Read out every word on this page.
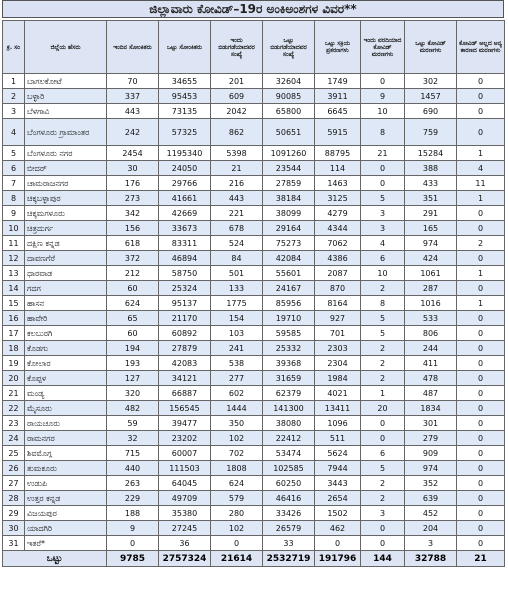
ಜಿಲ್ಲಾವಾರು ಕೋವಿಡ್–19ರ ಅಂಕಿಅಂಶಗಳ ವಿವರ**
ಕ್ರ. ಸಂ	ಜಿಲ್ಲೆಯ ಹೆಸರು	ಇಂದಿನ ಸೋಂಕಿತರು	ಒಟ್ಟು ಸೋಂಕಿತರು	ಇಂದು ಬಿಡುಗಡೆಯಾದವರ ಸಂಖ್ಯೆ	ಒಟ್ಟು ಬಿಡುಗಡೆಯಾದವರ ಸಂಖ್ಯೆ	ಒಟ್ಟು ಸಕ್ರಿಯ ಪ್ರಕರಣಗಳು	ಇಂದು ವರದಿಯಾದ ಕೋವಿಡ್ ಮರಣಗಳು	ಒಟ್ಟು ಕೋವಿಡ್ ಮರಣಗಳು	ಕೋವಿಡ್ ಅಲ್ಲದ ಅನ್ಯ ಕಾರಣದ ಮರಣಗಳು
1	ಬಾಗಲಕೋಟೆ	70	34655	201	32604	1749	0	302	0
2	ಬಳ್ಳಾರಿ	337	95453	609	90085	3911	9	1457	0
3	ಬೆಳಗಾವಿ	443	73135	2042	65800	6645	10	690	0
4	ಬೆಂಗಳೂರು ಗ್ರಾಮಾಂತರ	242	57325	862	50651	5915	8	759	0
5	ಬೆಂಗಳೂರು ನಗರ	2454	1195340	5398	1091260	88795	21	15284	1
6	ಬೀದರ್	30	24050	21	23544	114	0	388	4
7	ಚಾಮರಾಜನಗರ	176	29766	216	27859	1463	0	433	11
8	ಚಿಕ್ಕಬಳ್ಳಾಪುರ	273	41661	443	38184	3125	5	351	1
9	ಚಿಕ್ಕಮಗಳೂರು	342	42669	221	38099	4279	3	291	0
10	ಚಿತ್ರದುರ್ಗ	156	33673	678	29164	4344	3	165	0
11	ದಕ್ಷಿಣ ಕನ್ನಡ	618	83311	524	75273	7062	4	974	2
12	ದಾವಣಗೆರೆ	372	46894	84	42084	4386	6	424	0
13	ಧಾರವಾಡ	212	58750	501	55601	2087	10	1061	1
14	ಗದಗ	60	25324	133	24167	870	2	287	0
15	ಹಾಸನ	624	95137	1775	85956	8164	8	1016	1
16	ಹಾವೇರಿ	65	21170	154	19710	927	5	533	0
17	ಕಲಬುರಗಿ	60	60892	103	59585	701	5	806	0
18	ಕೊಡಗು	194	27879	241	25332	2303	2	244	0
19	ಕೋಲಾರ	193	42083	538	39368	2304	2	411	0
20	ಕೊಪ್ಪಳ	127	34121	277	31659	1984	2	478	0
21	ಮಂಡ್ಯ	320	66887	602	62379	4021	1	487	0
22	ಮೈಸೂರು	482	156545	1444	141300	13411	20	1834	0
23	ರಾಯಚೂರು	59	39477	350	38080	1096	0	301	0
24	ರಾಮನಗರ	32	23202	102	22412	511	0	279	0
25	ಶಿವಮೊಗ್ಗ	715	60007	702	53474	5624	6	909	0
26	ತುಮಕೂರು	440	111503	1808	102585	7944	5	974	0
27	ಉಡುಪಿ	263	64045	624	60250	3443	2	352	0
28	ಉತ್ತರ ಕನ್ನಡ	229	49709	579	46416	2654	2	639	0
29	ವಿಜಯಪುರ	188	35380	280	33426	1502	3	452	0
30	ಯಾದಗಿರಿ	9	27245	102	26579	462	0	204	0
31	ಇತರೆ*	0	36	0	33	0	0	3	0
ಒಟ್ಟು		9785	2757324	21614	2532719	191796	144	32788	21
